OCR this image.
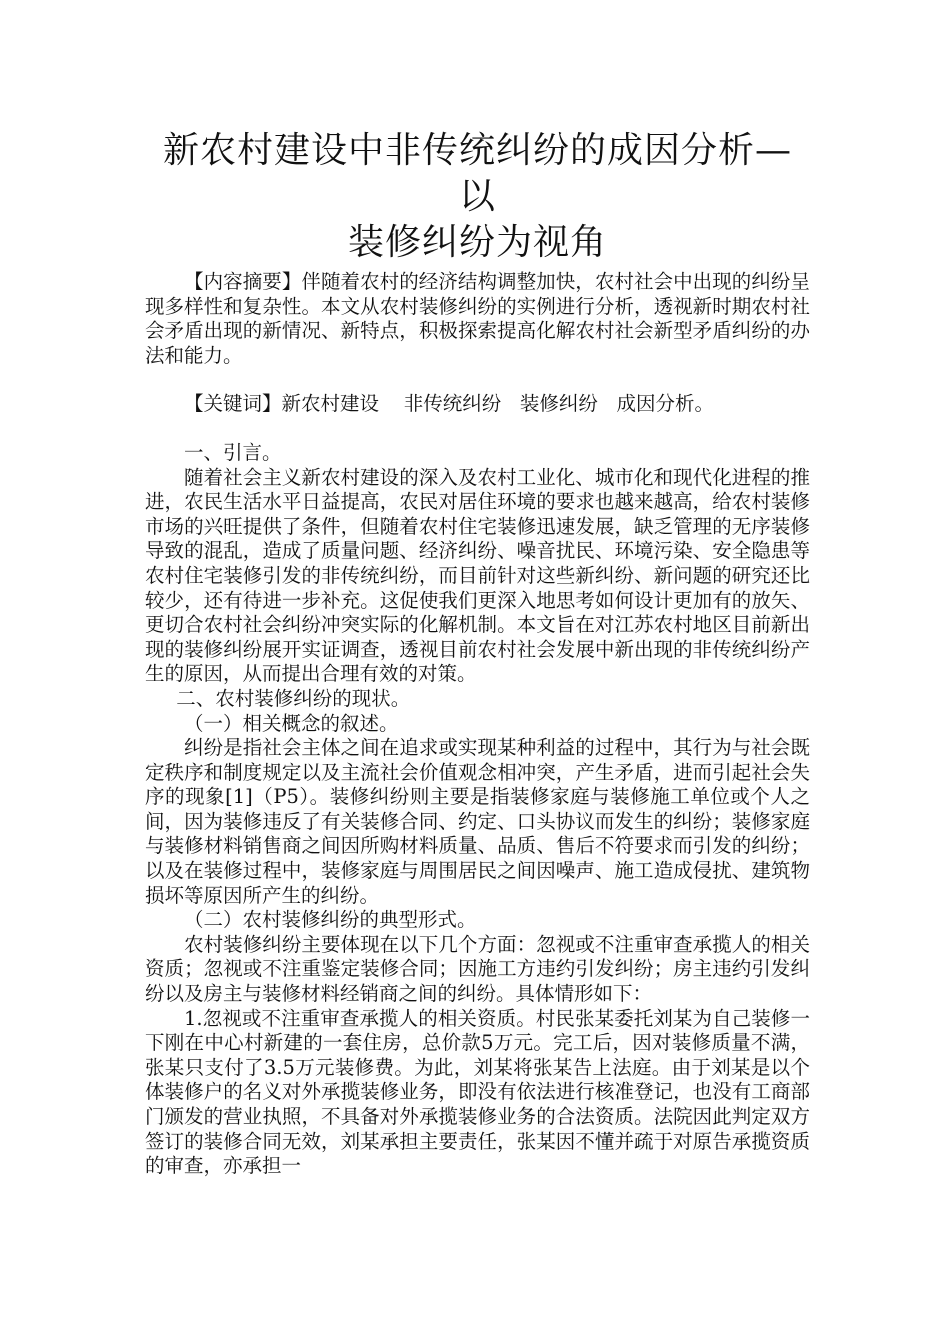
新农村建设中非传统纠纷的成因分析—以
装修纠纷为视角

【内容摘要】伴随着农村的经济结构调整加快，农村社会中出现的纠纷呈现多样性和复杂性。本文从农村装修纠纷的实例进行分析，透视新时期农村社会矛盾出现的新情况、新特点，积极探索提高化解农村社会新型矛盾纠纷的办法和能力。

【关键词】新农村建设    非传统纠纷   装修纠纷   成因分析。

一、引言。

随着社会主义新农村建设的深入及农村工业化、城市化和现代化进程的推进，农民生活水平日益提高，农民对居住环境的要求也越来越高，给农村装修市场的兴旺提供了条件，但随着农村住宅装修迅速发展，缺乏管理的无序装修导致的混乱，造成了质量问题、经济纠纷、噪音扰民、环境污染、安全隐患等农村住宅装修引发的非传统纠纷，而目前针对这些新纠纷、新问题的研究还比较少，还有待进一步补充。这促使我们更深入地思考如何设计更加有的放矢、更切合农村社会纠纷冲突实际的化解机制。本文旨在对江苏农村地区目前新出现的装修纠纷展开实证调查，透视目前农村社会发展中新出现的非传统纠纷产生的原因，从而提出合理有效的对策。

二、农村装修纠纷的现状。

（一）相关概念的叙述。

纠纷是指社会主体之间在追求或实现某种利益的过程中，其行为与社会既定秩序和制度规定以及主流社会价值观念相冲突，产生矛盾，进而引起社会失序的现象[1]（P5）。装修纠纷则主要是指装修家庭与装修施工单位或个人之间，因为装修违反了有关装修合同、约定、口头协议而发生的纠纷；装修家庭与装修材料销售商之间因所购材料质量、品质、售后不符要求而引发的纠纷；以及在装修过程中，装修家庭与周围居民之间因噪声、施工造成侵扰、建筑物损坏等原因所产生的纠纷。

（二）农村装修纠纷的典型形式。

农村装修纠纷主要体现在以下几个方面：忽视或不注重审查承揽人的相关资质；忽视或不注重鉴定装修合同；因施工方违约引发纠纷；房主违约引发纠纷以及房主与装修材料经销商之间的纠纷。具体情形如下：

1.忽视或不注重审查承揽人的相关资质。村民张某委托刘某为自己装修一下刚在中心村新建的一套住房，总价款5万元。完工后，因对装修质量不满，张某只支付了3.5万元装修费。为此，刘某将张某告上法庭。由于刘某是以个体装修户的名义对外承揽装修业务，即没有依法进行核准登记，也没有工商部门颁发的营业执照，不具备对外承揽装修业务的合法资质。法院因此判定双方签订的装修合同无效，刘某承担主要责任，张某因不懂并疏于对原告承揽资质的审查，亦承担一
